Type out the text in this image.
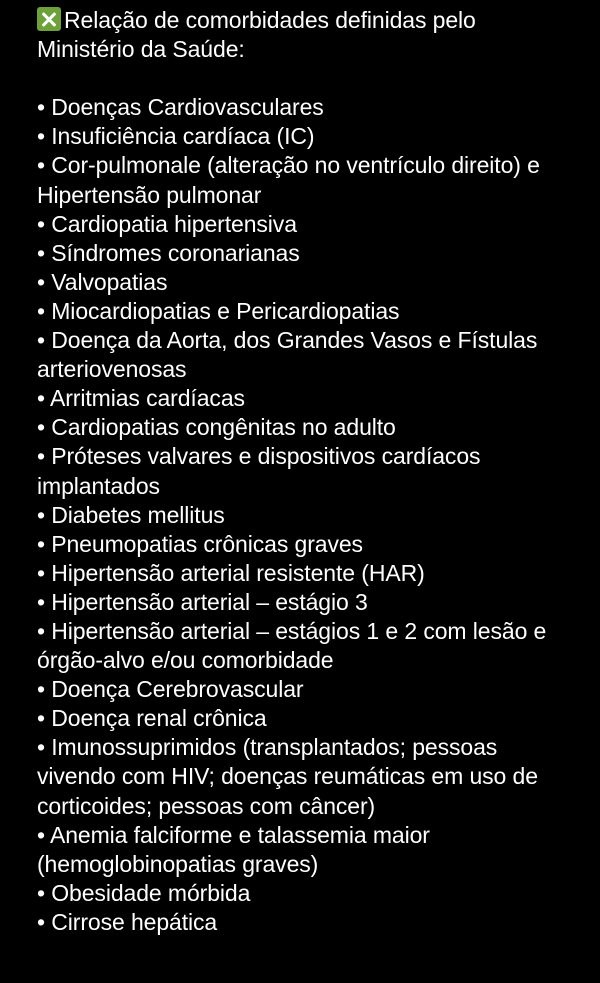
Relação de comorbidades definidas pelo Ministério da Saúde:

• Doenças Cardiovasculares
• Insuficiência cardíaca (IC)
• Cor-pulmonale (alteração no ventrículo direito) e Hipertensão pulmonar
• Cardiopatia hipertensiva
• Síndromes coronarianas
• Valvopatias
• Miocardiopatias e Pericardiopatias
• Doença da Aorta, dos Grandes Vasos e Fístulas arteriovenosas
• Arritmias cardíacas
• Cardiopatias congênitas no adulto
• Próteses valvares e dispositivos cardíacos implantados
• Diabetes mellitus
• Pneumopatias crônicas graves
• Hipertensão arterial resistente (HAR)
• Hipertensão arterial – estágio 3
• Hipertensão arterial – estágios 1 e 2 com lesão e órgão-alvo e/ou comorbidade
• Doença Cerebrovascular
• Doença renal crônica
• Imunossuprimidos (transplantados; pessoas vivendo com HIV; doenças reumáticas em uso de corticoides; pessoas com câncer)
• Anemia falciforme e talassemia maior (hemoglobinopatias graves)
• Obesidade mórbida
• Cirrose hepática
